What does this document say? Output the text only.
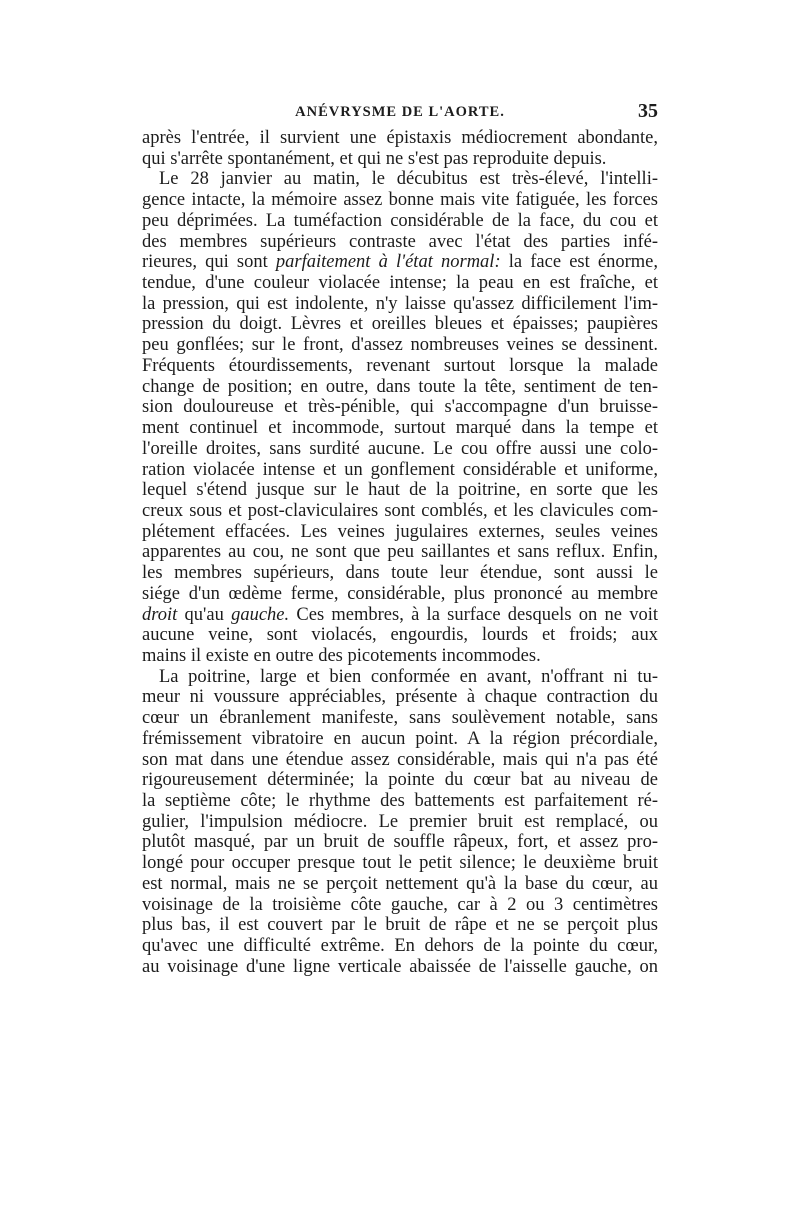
ANÉVRYSME DE L'AORTE.	35
après l'entrée, il survient une épistaxis médiocrement abondante,
qui s'arrête spontanément, et qui ne s'est pas reproduite depuis.
Le 28 janvier au matin, le décubitus est très-élevé, l'intelli-
gence intacte, la mémoire assez bonne mais vite fatiguée, les forces
peu déprimées. La tuméfaction considérable de la face, du cou et
des membres supérieurs contraste avec l'état des parties infé-
rieures, qui sont parfaitement à l'état normal: la face est énorme,
tendue, d'une couleur violacée intense; la peau en est fraîche, et
la pression, qui est indolente, n'y laisse qu'assez difficilement l'im-
pression du doigt. Lèvres et oreilles bleues et épaisses; paupières
peu gonflées; sur le front, d'assez nombreuses veines se dessinent.
Fréquents étourdissements, revenant surtout lorsque la malade
change de position; en outre, dans toute la tête, sentiment de ten-
sion douloureuse et très-pénible, qui s'accompagne d'un bruisse-
ment continuel et incommode, surtout marqué dans la tempe et
l'oreille droites, sans surdité aucune. Le cou offre aussi une colo-
ration violacée intense et un gonflement considérable et uniforme,
lequel s'étend jusque sur le haut de la poitrine, en sorte que les
creux sous et post-claviculaires sont comblés, et les clavicules com-
plétement effacées. Les veines jugulaires externes, seules veines
apparentes au cou, ne sont que peu saillantes et sans reflux. Enfin,
les membres supérieurs, dans toute leur étendue, sont aussi le
siége d'un œdème ferme, considérable, plus prononcé au membre
droit qu'au gauche. Ces membres, à la surface desquels on ne voit
aucune veine, sont violacés, engourdis, lourds et froids; aux
mains il existe en outre des picotements incommodes.
La poitrine, large et bien conformée en avant, n'offrant ni tu-
meur ni voussure appréciables, présente à chaque contraction du
cœur un ébranlement manifeste, sans soulèvement notable, sans
frémissement vibratoire en aucun point. A la région précordiale,
son mat dans une étendue assez considérable, mais qui n'a pas été
rigoureusement déterminée; la pointe du cœur bat au niveau de
la septième côte; le rhythme des battements est parfaitement ré-
gulier, l'impulsion médiocre. Le premier bruit est remplacé, ou
plutôt masqué, par un bruit de souffle râpeux, fort, et assez pro-
longé pour occuper presque tout le petit silence; le deuxième bruit
est normal, mais ne se perçoit nettement qu'à la base du cœur, au
voisinage de la troisième côte gauche, car à 2 ou 3 centimètres
plus bas, il est couvert par le bruit de râpe et ne se perçoit plus
qu'avec une difficulté extrême. En dehors de la pointe du cœur,
au voisinage d'une ligne verticale abaissée de l'aisselle gauche, on
